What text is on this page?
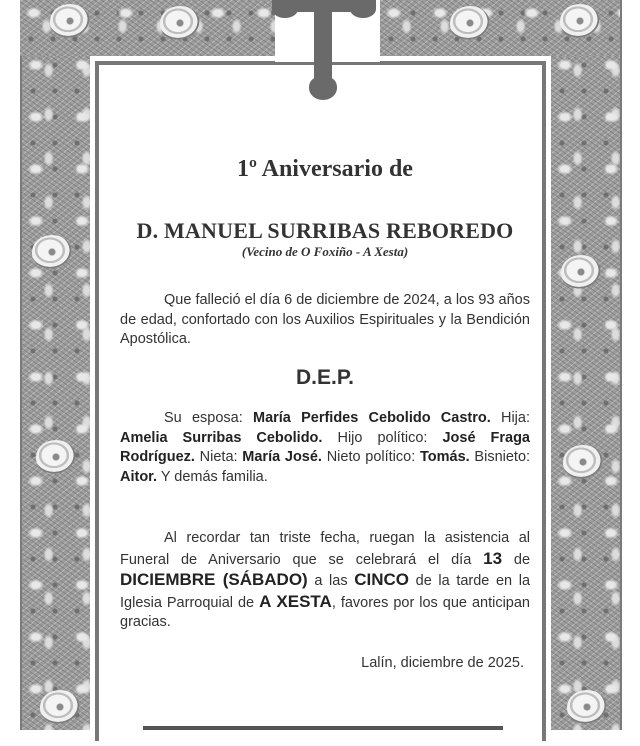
1º Aniversario de
D. MANUEL SURRIBAS REBOREDO
(Vecino de O Foxiño - A Xesta)
Que falleció el día 6 de diciembre de 2024, a los 93 años de edad, confortado con los Auxilios Espirituales y la Bendición Apostólica.
D.E.P.
Su esposa: María Perfides Cebolido Castro. Hija: Amelia Surribas Cebolido. Hijo político: José Fraga Rodríguez. Nieta: María José. Nieto político: Tomás. Bisnieto: Aitor. Y demás familia.
Al recordar tan triste fecha, ruegan la asistencia al Funeral de Aniversario que se celebrará el día 13 de DICIEMBRE (SÁBADO) a las CINCO de la tarde en la Iglesia Parroquial de A XESTA, favores por los que anticipan gracias.
Lalín, diciembre de 2025.
